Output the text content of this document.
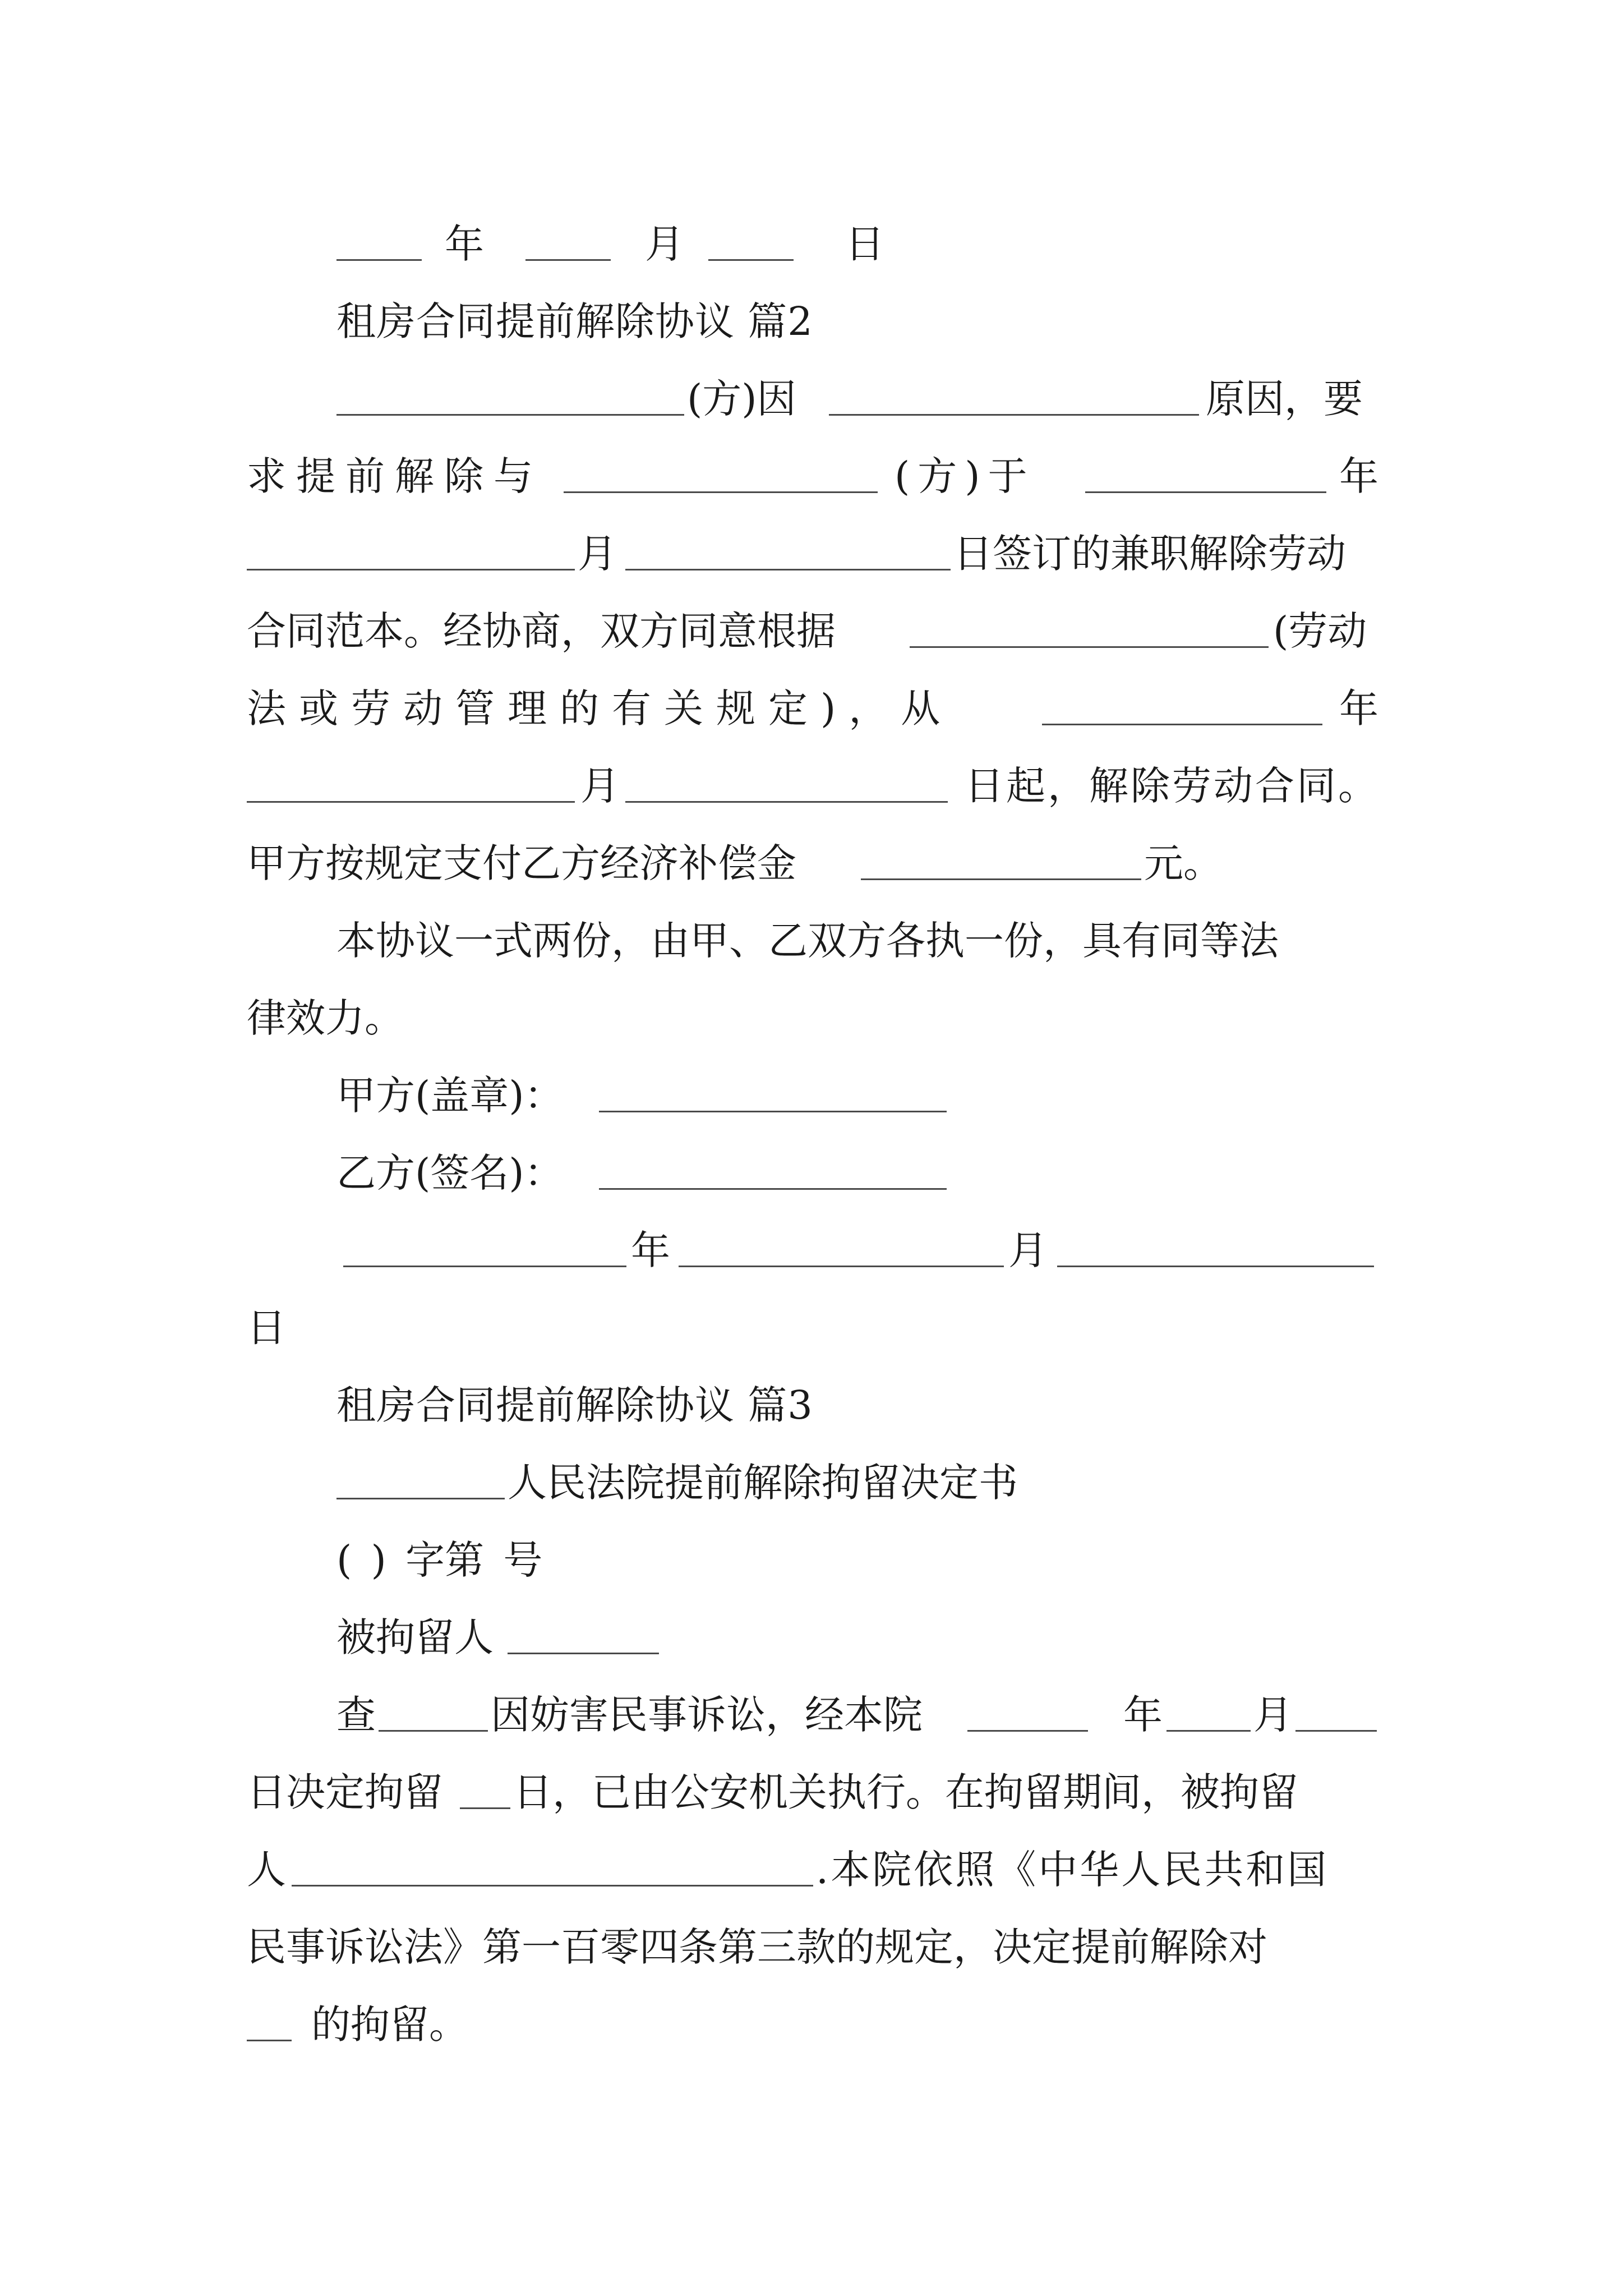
年	月	日
租房合同提前解除协议 篇2
(方)因	原因，要
求提前解除与	(方)于	年
月	日签订的兼职解除劳动
合同范本。经协商，双方同意根据	(劳动
法或劳动管理的有关规定)，从	年
月	日起，解除劳动合同。
甲方按规定支付乙方经济补偿金	元。
本协议一式两份，由甲、乙双方各执一份，具有同等法
律效力。
甲方(盖章)：
乙方(签名)：
年	月
日
租房合同提前解除协议 篇3
人民法院提前解除拘留决定书
( ) 字第 号
被拘留人
查	因妨害民事诉讼，经本院	年 月
日决定拘留 日，已由公安机关执行。在拘留期间，被拘留
人	.本院依照《中华人民共和国
民事诉讼法》第一百零四条第三款的规定，决定提前解除对
的拘留。
